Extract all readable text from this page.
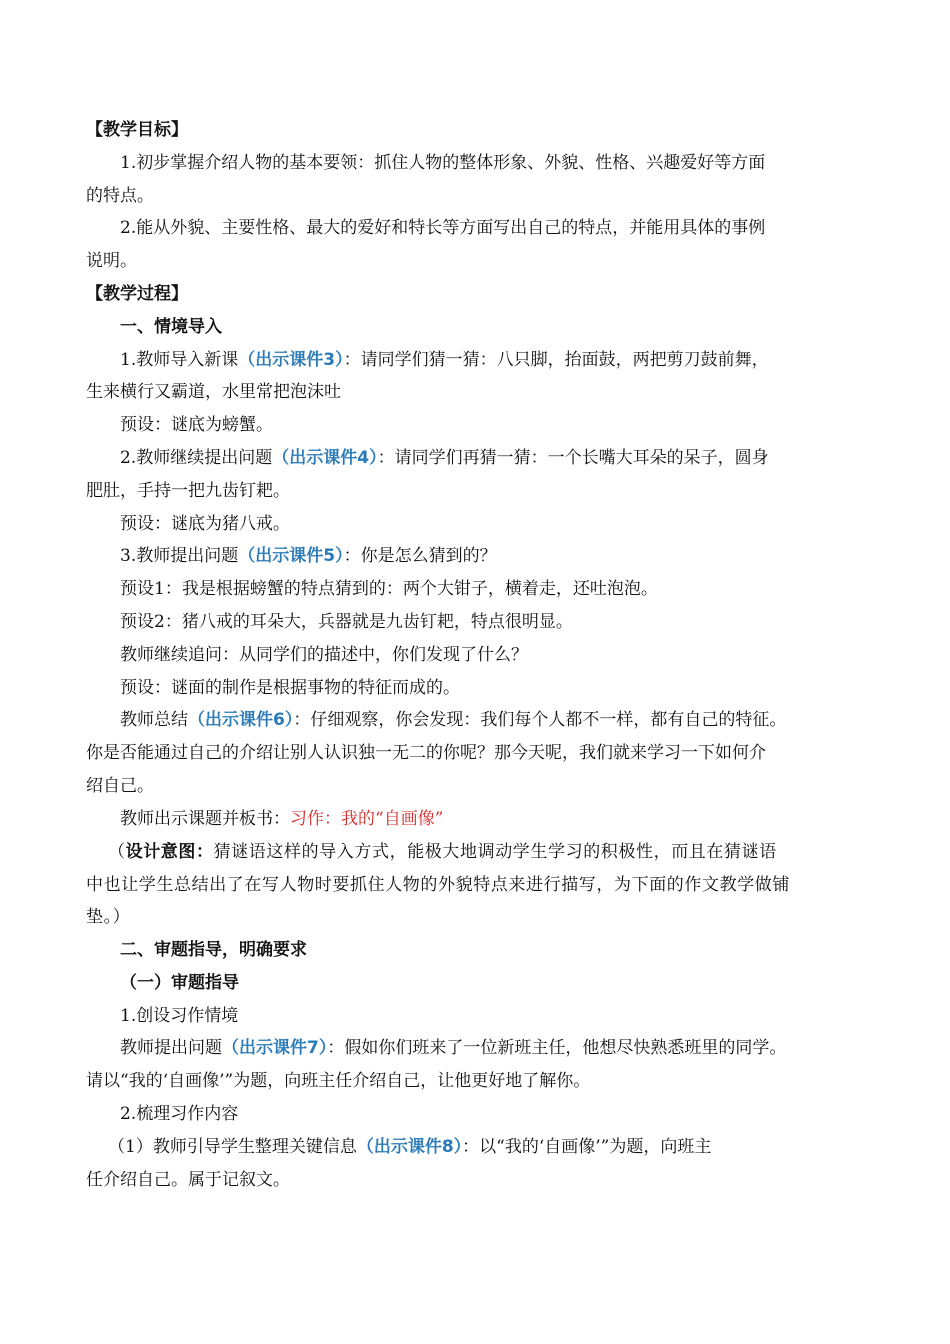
【教学目标】
1.初步掌握介绍人物的基本要领：抓住人物的整体形象、外貌、性格、兴趣爱好等方面
的特点。
2.能从外貌、主要性格、最大的爱好和特长等方面写出自己的特点，并能用具体的事例
说明。
【教学过程】
一、情境导入
1.教师导入新课（出示课件3）：请同学们猜一猜：八只脚，抬面鼓，两把剪刀鼓前舞，
生来横行又霸道，水里常把泡沫吐
预设：谜底为螃蟹。
2.教师继续提出问题（出示课件4）：请同学们再猜一猜：一个长嘴大耳朵的呆子，圆身
肥肚，手持一把九齿钉耙。
预设：谜底为猪八戒。
3.教师提出问题（出示课件5）：你是怎么猜到的？
预设1：我是根据螃蟹的特点猜到的：两个大钳子，横着走，还吐泡泡。
预设2：猪八戒的耳朵大，兵器就是九齿钉耙，特点很明显。
教师继续追问：从同学们的描述中，你们发现了什么？
预设：谜面的制作是根据事物的特征而成的。
教师总结（出示课件6）：仔细观察，你会发现：我们每个人都不一样，都有自己的特征。
你是否能通过自己的介绍让别人认识独一无二的你呢？那今天呢，我们就来学习一下如何介
绍自己。
教师出示课题并板书：习作：我的“自画像”
（设计意图：猜谜语这样的导入方式，能极大地调动学生学习的积极性，而且在猜谜语
中也让学生总结出了在写人物时要抓住人物的外貌特点来进行描写，为下面的作文教学做铺
垫。）
二、审题指导，明确要求
（一）审题指导
1.创设习作情境
教师提出问题（出示课件7）：假如你们班来了一位新班主任，他想尽快熟悉班里的同学。
请以“我的‘自画像’”为题，向班主任介绍自己，让他更好地了解你。
2.梳理习作内容
（1）教师引导学生整理关键信息（出示课件8）：以“我的‘自画像’”为题，向班主
任介绍自己。属于记叙文。
